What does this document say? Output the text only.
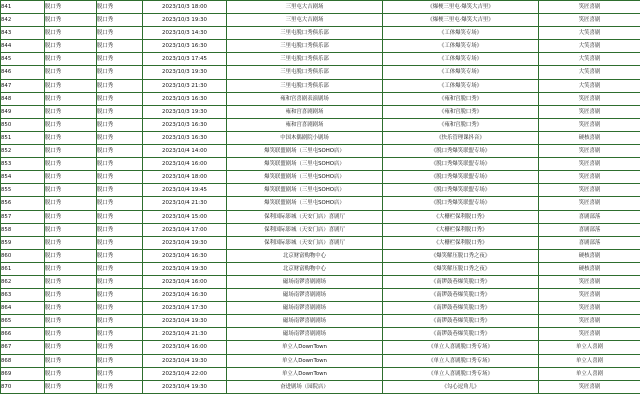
841	脱口秀	脱口秀	2023/10/3 18:00	三里屯大吉剧场	《爆梗三里屯·爆笑大吉里》	笑匠喜剧
842	脱口秀	脱口秀	2023/10/3 19:30	三里屯大吉剧场	《爆梗三里屯·爆笑大吉里》	笑匠喜剧
843	脱口秀	脱口秀	2023/10/3 14:30	三里屯脱口秀俱乐部	《工体爆笑专场》	大笑喜剧
844	脱口秀	脱口秀	2023/10/3 16:30	三里屯脱口秀俱乐部	《工体爆笑专场》	大笑喜剧
845	脱口秀	脱口秀	2023/10/3 17:45	三里屯脱口秀俱乐部	《工体爆笑专场》	大笑喜剧
846	脱口秀	脱口秀	2023/10/3 19:30	三里屯脱口秀俱乐部	《工体爆笑专场》	大笑喜剧
847	脱口秀	脱口秀	2023/10/3 21:30	三里屯脱口秀俱乐部	《工体爆笑专场》	大笑喜剧
848	脱口秀	脱口秀	2023/10/3 16:30	雍和宫喜剧表演剧场	《雍和宫脱口秀》	笑匠喜剧
849	脱口秀	脱口秀	2023/10/3 19:30	雍和宫喜剧剧场	《雍和宫脱口秀》	笑匠喜剧
850	脱口秀	脱口秀	2023/10/3 16:30	雍和宫喜剧剧场	《雍和宫脱口秀》	笑匠喜剧
851	脱口秀	脱口秀	2023/10/3 16:30	中国木偶剧院小剧场	《快乐管理课抖音》	硬核喜剧
852	脱口秀	脱口秀	2023/10/4 14:00	爆笑联盟剧场（三里屯SOHO店）	《脱口秀爆笑联盟专场》	笑匠喜剧
853	脱口秀	脱口秀	2023/10/4 16:00	爆笑联盟剧场（三里屯SOHO店）	《脱口秀爆笑联盟专场》	笑匠喜剧
854	脱口秀	脱口秀	2023/10/4 18:00	爆笑联盟剧场（三里屯SOHO店）	《脱口秀爆笑联盟专场》	笑匠喜剧
855	脱口秀	脱口秀	2023/10/4 19:45	爆笑联盟剧场（三里屯SOHO店）	《脱口秀爆笑联盟专场》	笑匠喜剧
856	脱口秀	脱口秀	2023/10/4 21:30	爆笑联盟剧场（三里屯SOHO店）	《脱口秀爆笑联盟专场》	笑匠喜剧
857	脱口秀	脱口秀	2023/10/4 15:00	保利国际影城（天安门店）喜剧厅	《大栅栏保利脱口秀》	喜剧部落
858	脱口秀	脱口秀	2023/10/4 17:00	保利国际影城（天安门店）喜剧厅	《大栅栏保利脱口秀》	喜剧部落
859	脱口秀	脱口秀	2023/10/4 19:30	保利国际影城（天安门店）喜剧厅	《大栅栏保利脱口秀》	喜剧部落
860	脱口秀	脱口秀	2023/10/4 16:30	北京财富购物中心	《爆笑解压脱口秀之夜》	硬核喜剧
861	脱口秀	脱口秀	2023/10/4 19:30	北京财富购物中心	《爆笑解压脱口秀之夜》	硬核喜剧
862	脱口秀	脱口秀	2023/10/4 16:00	磁场南锣喜剧剧场	《南锣鼓巷爆笑脱口秀》	笑匠喜剧
863	脱口秀	脱口秀	2023/10/4 16:30	磁场南锣喜剧剧场	《南锣鼓巷爆笑脱口秀》	笑匠喜剧
864	脱口秀	脱口秀	2023/10/4 17:30	磁场南锣喜剧剧场	《南锣鼓巷爆笑脱口秀》	笑匠喜剧
865	脱口秀	脱口秀	2023/10/4 19:30	磁场南锣喜剧剧场	《南锣鼓巷爆笑脱口秀》	笑匠喜剧
866	脱口秀	脱口秀	2023/10/4 21:30	磁场南锣喜剧剧场	《南锣鼓巷爆笑脱口秀》	笑匠喜剧
867	脱口秀	脱口秀	2023/10/4 16:00	单立人DownTown	《单立人喜剧脱口秀专场》	单立人喜剧
868	脱口秀	脱口秀	2023/10/4 19:30	单立人DownTown	《单立人喜剧脱口秀专场》	单立人喜剧
869	脱口秀	脱口秀	2023/10/4 22:00	单立人DownTown	《单立人喜剧脱口秀专场》	单立人喜剧
870	脱口秀	脱口秀	2023/10/4 19:30	奋进剧场（园院店）	《勾心逗角儿》	笑匠喜剧
